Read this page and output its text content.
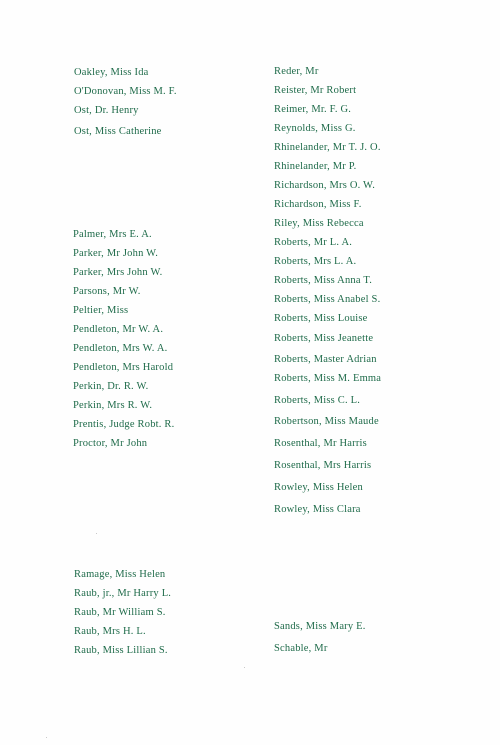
Oakley, Miss Ida
O'Donovan, Miss M. F.
Ost, Dr. Henry
Ost, Miss Catherine
Palmer, Mrs E. A.
Parker, Mr John W.
Parker, Mrs John W.
Parsons, Mr W.
Peltier, Miss
Pendleton, Mr W. A.
Pendleton, Mrs W. A.
Pendleton, Mrs Harold
Perkin, Dr. R. W.
Perkin, Mrs R. W.
Prentis, Judge Robt. R.
Proctor, Mr John
Ramage, Miss Helen
Raub, jr., Mr Harry L.
Raub, Mr William S.
Raub, Mrs H. L.
Raub, Miss Lillian S.
Reder, Mr
Reister, Mr Robert
Reimer, Mr. F. G.
Reynolds, Miss G.
Rhinelander, Mr T. J. O.
Rhinelander, Mr P.
Richardson, Mrs O. W.
Richardson, Miss F.
Riley, Miss Rebecca
Roberts, Mr L. A.
Roberts, Mrs L. A.
Roberts, Miss Anna T.
Roberts, Miss Anabel S.
Roberts, Miss Louise
Roberts, Miss Jeanette
Roberts, Master Adrian
Roberts, Miss M. Emma
Roberts, Miss C. L.
Robertson, Miss Maude
Rosenthal, Mr Harris
Rosenthal, Mrs Harris
Rowley, Miss Helen
Rowley, Miss Clara
Sands, Miss Mary E.
Schable, Mr
